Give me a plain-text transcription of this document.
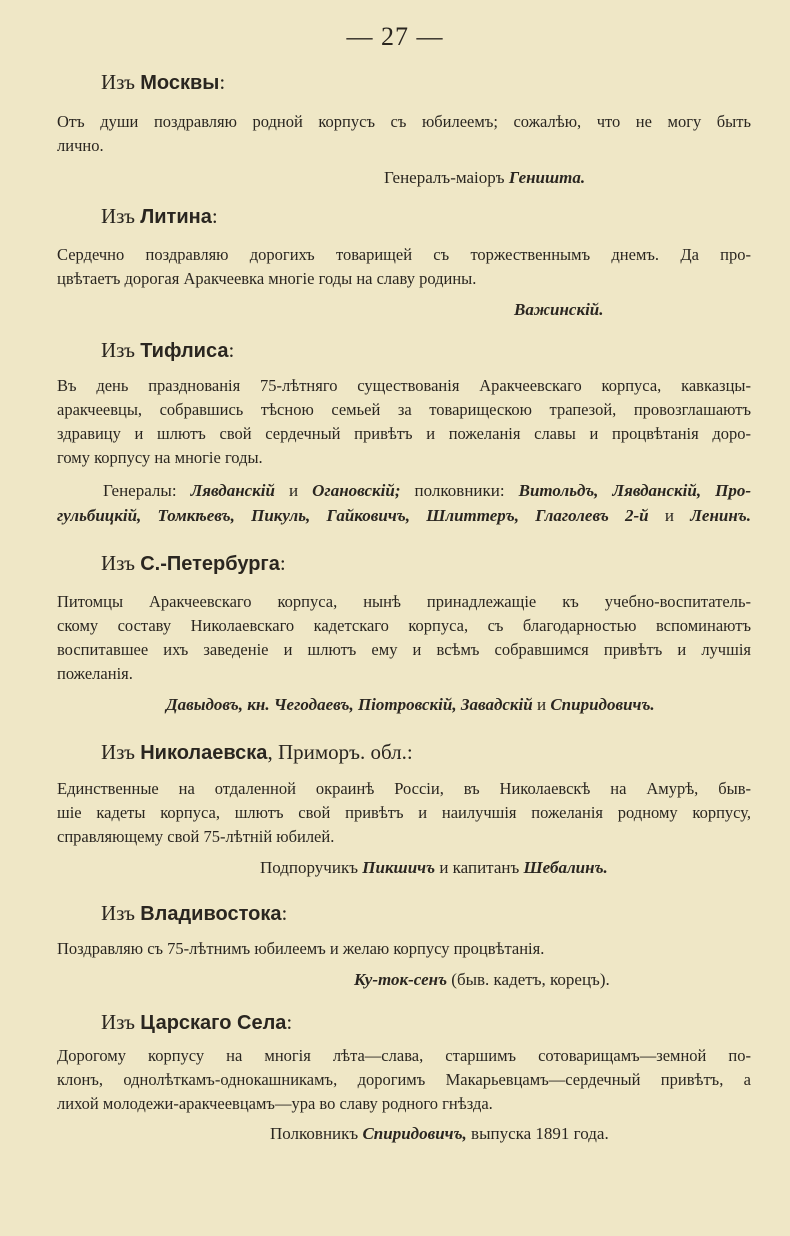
— 27 —
Изъ Москвы:
Отъ души поздравляю родной корпусъ съ юбилеемъ; сожалѣю, что не могу быть
лично.
Генералъ-маіоръ Геништа.
Изъ Литина:
Сердечно поздравляю дорогихъ товарищей съ торжественнымъ днемъ. Да про-
цвѣтаетъ дорогая Аракчеевка многіе годы на славу родины.
Важинскій.
Изъ Тифлиса:
Въ день празднованія 75-лѣтняго существованія Аракчеевскаго корпуса, кавказцы-
аракчеевцы, собравшись тѣсною семьей за товарищескою трапезой, провозглашаютъ
здравицу и шлютъ свой сердечный привѣтъ и пожеланія славы и процвѣтанія доро-
гому корпусу на многіе годы.
Генералы: Лявданскій и Огановскій; полковники: Витольдъ, Лявданскій, Про-
гульбицкій, Томкѣевъ, Пикуль, Гайковичъ, Шлиттеръ, Глаголевъ 2-й и Ленинъ.
Изъ С.-Петербурга:
Питомцы Аракчеевскаго корпуса, нынѣ принадлежащіе къ учебно-воспитатель-
скому составу Николаевскаго кадетскаго корпуса, съ благодарностью вспоминаютъ
воспитавшее ихъ заведеніе и шлютъ ему и всѣмъ собравшимся привѣтъ и лучшія
пожеланія.
Давыдовъ, кн. Чегодаевъ, Піотровскій, Завадскій и Спиридовичъ.
Изъ Николаевска, Приморъ. обл.:
Единственные на отдаленной окраинѣ Россіи, въ Николаевскѣ на Амурѣ, быв-
шіе кадеты корпуса, шлютъ свой привѣтъ и наилучшія пожеланія родному корпусу,
справляющему свой 75-лѣтній юбилей.
Подпоручикъ Пикшичъ и капитанъ Шебалинъ.
Изъ Владивостока:
Поздравляю съ 75-лѣтнимъ юбилеемъ и желаю корпусу процвѣтанія.
Ку-ток-сенъ (быв. кадетъ, корецъ).
Изъ Царскаго Села:
Дорогому корпусу на многія лѣта—слава, старшимъ сотоварищамъ—земной по-
клонъ, однолѣткамъ-однокашникамъ, дорогимъ Макарьевцамъ—сердечный привѣтъ, а
лихой молодежи-аракчеевцамъ—ура во славу родного гнѣзда.
Полковникъ Спиридовичъ, выпуска 1891 года.
